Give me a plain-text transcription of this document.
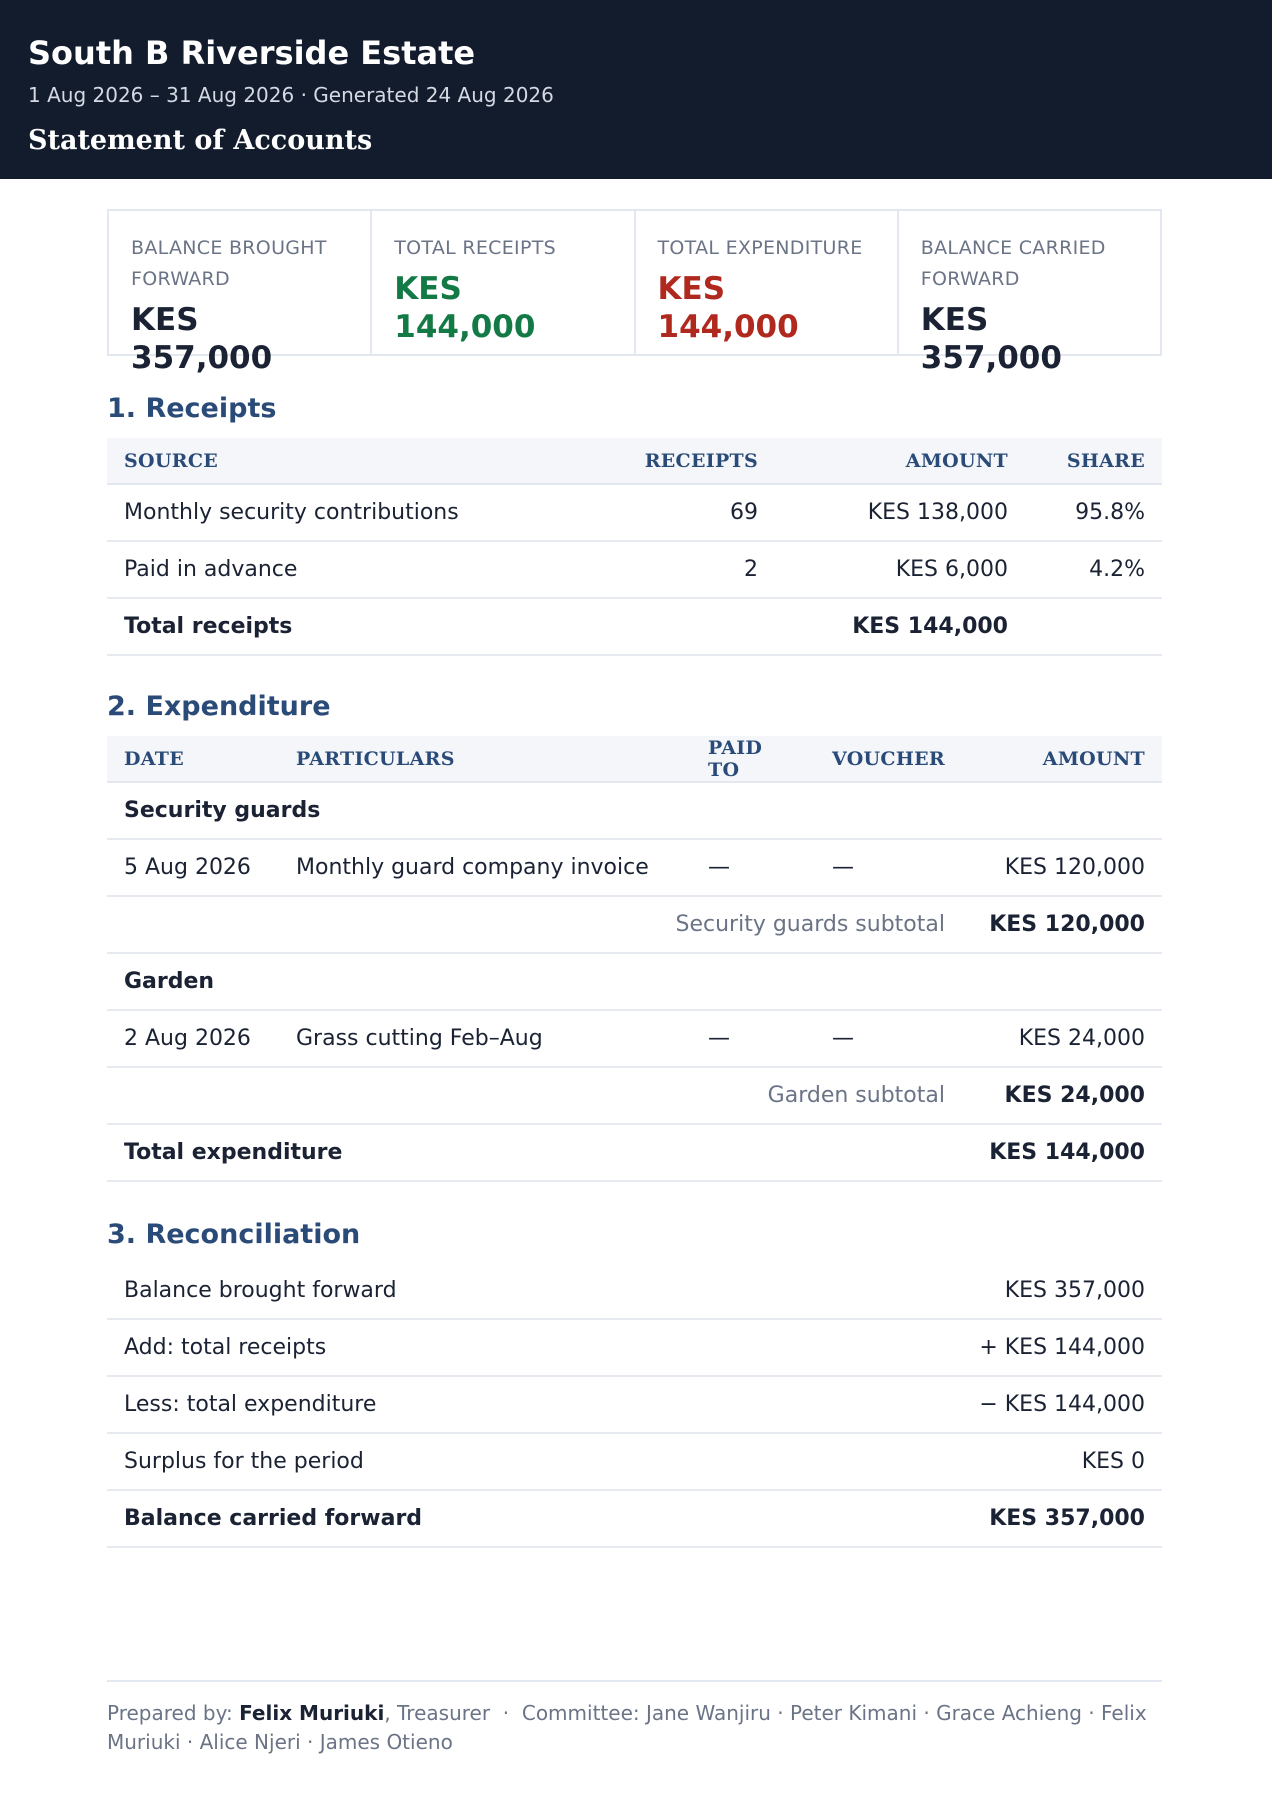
South B Riverside Estate
1 Aug 2026 – 31 Aug 2026 · Generated 24 Aug 2026
Statement of Accounts
BALANCE BROUGHT FORWARD
KES 357,000
TOTAL RECEIPTS
KES 144,000
TOTAL EXPENDITURE
KES 144,000
BALANCE CARRIED FORWARD
KES 357,000
1. Receipts
SOURCE	RECEIPTS	AMOUNT	SHARE
Monthly security contributions	69	KES 138,000	95.8%
Paid in advance	2	KES 6,000	4.2%
Total receipts		KES 144,000	
2. Expenditure
DATE	PARTICULARS	PAID TO	VOUCHER	AMOUNT
Security guards				
5 Aug 2026	Monthly guard company invoice	—	—	KES 120,000
Security guards subtotal				KES 120,000
Garden				
2 Aug 2026	Grass cutting Feb–Aug	—	—	KES 24,000
Garden subtotal				KES 24,000
Total expenditure				KES 144,000
3. Reconciliation
Balance brought forward	KES 357,000
Add: total receipts	+ KES 144,000
Less: total expenditure	− KES 144,000
Surplus for the period	KES 0
Balance carried forward	KES 357,000
Prepared by: Felix Muriuki, Treasurer · Committee: Jane Wanjiru · Peter Kimani · Grace Achieng · Felix Muriuki · Alice Njeri · James Otieno
